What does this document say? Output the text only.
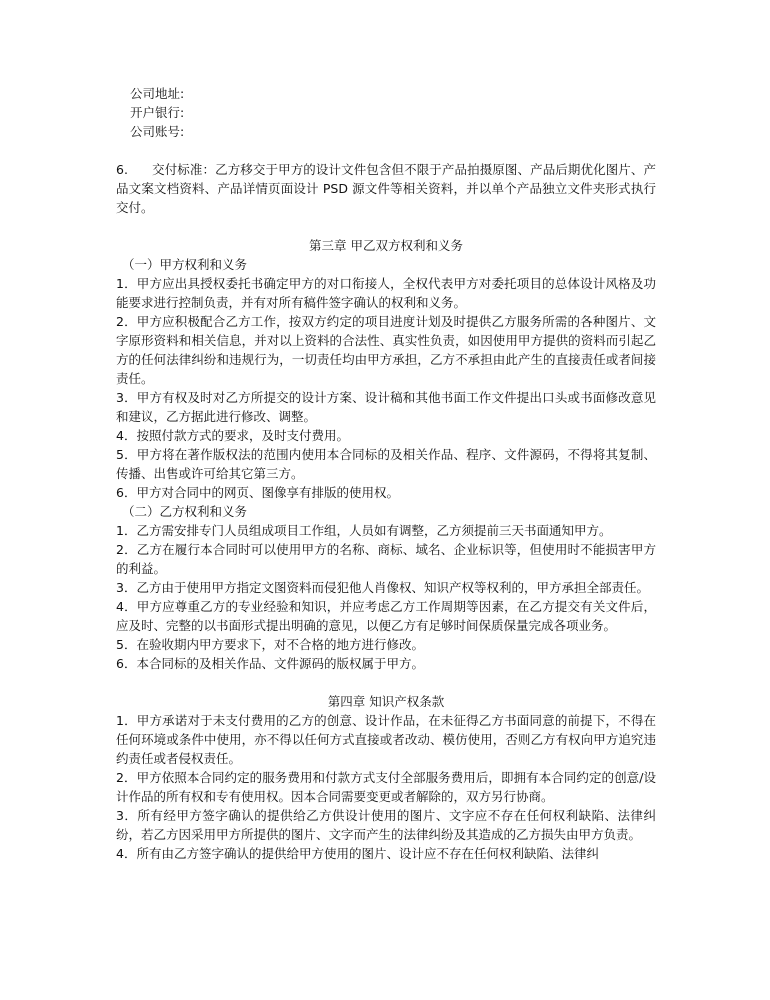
公司地址:
开户银行:
公司账号:

6. 交付标准：乙方移交于甲方的设计文件包含但不限于产品拍摄原图、产品后期优化图片、产品文案文档资料、产品详情页面设计 PSD 源文件等相关资料，并以单个产品独立文件夹形式执行交付。

第三章 甲乙双方权利和义务

（一）甲方权利和义务

1．甲方应出具授权委托书确定甲方的对口衔接人，全权代表甲方对委托项目的总体设计风格及功能要求进行控制负责，并有对所有稿件签字确认的权利和义务。

2．甲方应积极配合乙方工作，按双方约定的项目进度计划及时提供乙方服务所需的各种图片、文字原形资料和相关信息，并对以上资料的合法性、真实性负责，如因使用甲方提供的资料而引起乙方的任何法律纠纷和违规行为，一切责任均由甲方承担，乙方不承担由此产生的直接责任或者间接责任。

3．甲方有权及时对乙方所提交的设计方案、设计稿和其他书面工作文件提出口头或书面修改意见和建议，乙方据此进行修改、调整。

4．按照付款方式的要求，及时支付费用。

5．甲方将在著作版权法的范围内使用本合同标的及相关作品、程序、文件源码，不得将其复制、传播、出售或许可给其它第三方。

6．甲方对合同中的网页、图像享有排版的使用权。

（二）乙方权利和义务

1．乙方需安排专门人员组成项目工作组，人员如有调整，乙方须提前三天书面通知甲方。

2．乙方在履行本合同时可以使用甲方的名称、商标、域名、企业标识等，但使用时不能损害甲方的利益。

3．乙方由于使用甲方指定文图资料而侵犯他人肖像权、知识产权等权利的，甲方承担全部责任。

4．甲方应尊重乙方的专业经验和知识，并应考虑乙方工作周期等因素，在乙方提交有关文件后，应及时、完整的以书面形式提出明确的意见，以便乙方有足够时间保质保量完成各项业务。

5．在验收期内甲方要求下，对不合格的地方进行修改。

6．本合同标的及相关作品、文件源码的版权属于甲方。

第四章 知识产权条款

1．甲方承诺对于未支付费用的乙方的创意、设计作品，在未征得乙方书面同意的前提下，不得在任何环境或条件中使用，亦不得以任何方式直接或者改动、模仿使用，否则乙方有权向甲方追究违约责任或者侵权责任。

2．甲方依照本合同约定的服务费用和付款方式支付全部服务费用后，即拥有本合同约定的创意/设计作品的所有权和专有使用权。因本合同需要变更或者解除的，双方另行协商。

3．所有经甲方签字确认的提供给乙方供设计使用的图片、文字应不存在任何权利缺陷、法律纠纷，若乙方因采用甲方所提供的图片、文字而产生的法律纠纷及其造成的乙方损失由甲方负责。

4．所有由乙方签字确认的提供给甲方使用的图片、设计应不存在任何权利缺陷、法律纠
